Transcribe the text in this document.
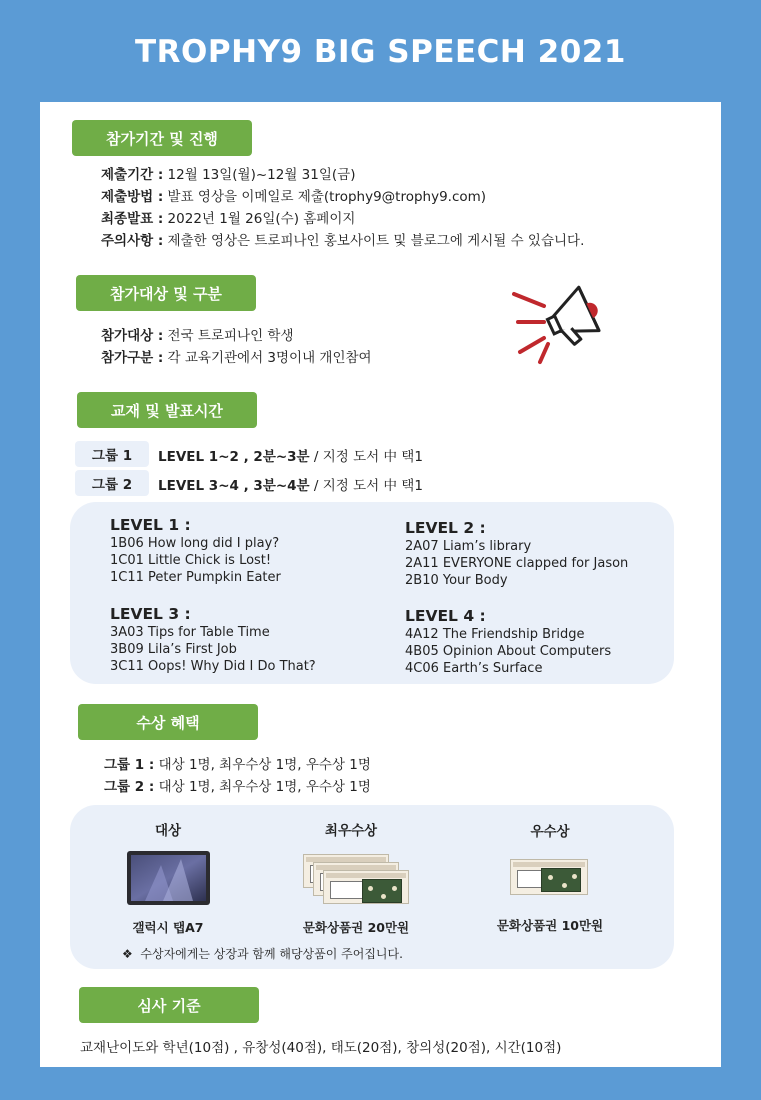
TROPHY9 BIG SPEECH 2021
참가기간 및 진행
제출기간 : 12월 13일(월)~12월 31일(금)
제출방법 : 발표 영상을 이메일로 제출(trophy9@trophy9.com)
최종발표 : 2022년 1월 26일(수) 홈페이지
주의사항 : 제출한 영상은 트로피나인 홍보사이트 및 블로그에 게시될 수 있습니다.
참가대상 및 구분
참가대상 : 전국 트로피나인 학생
참가구분 : 각 교육기관에서 3명이내 개인참여
교재 및 발표시간
그룹 1	LEVEL 1~2 , 2분~3분 / 지정 도서 中 택1
그룹 2	LEVEL 3~4 , 3분~4분 / 지정 도서 中 택1
LEVEL 1 :
1B06 How long did I play?
1C01 Little Chick is Lost!
1C11 Peter Pumpkin Eater
LEVEL 2 :
2A07 Liam’s library
2A11 EVERYONE clapped for Jason
2B10 Your Body
LEVEL 3 :
3A03 Tips for Table Time
3B09 Lila’s First Job
3C11 Oops! Why Did I Do That?
LEVEL 4 :
4A12 The Friendship Bridge
4B05 Opinion About Computers
4C06 Earth’s Surface
수상 혜택
그룹 1 : 대상 1명, 최우수상 1명, 우수상 1명
그룹 2 : 대상 1명, 최우수상 1명, 우수상 1명
대상	최우수상	우수상
갤럭시 탭A7	문화상품권 20만원	문화상품권 10만원
❖ 수상자에게는 상장과 함께 해당상품이 주어집니다.
심사 기준
교재난이도와 학년(10점) , 유창성(40점), 태도(20점), 창의성(20점), 시간(10점)
